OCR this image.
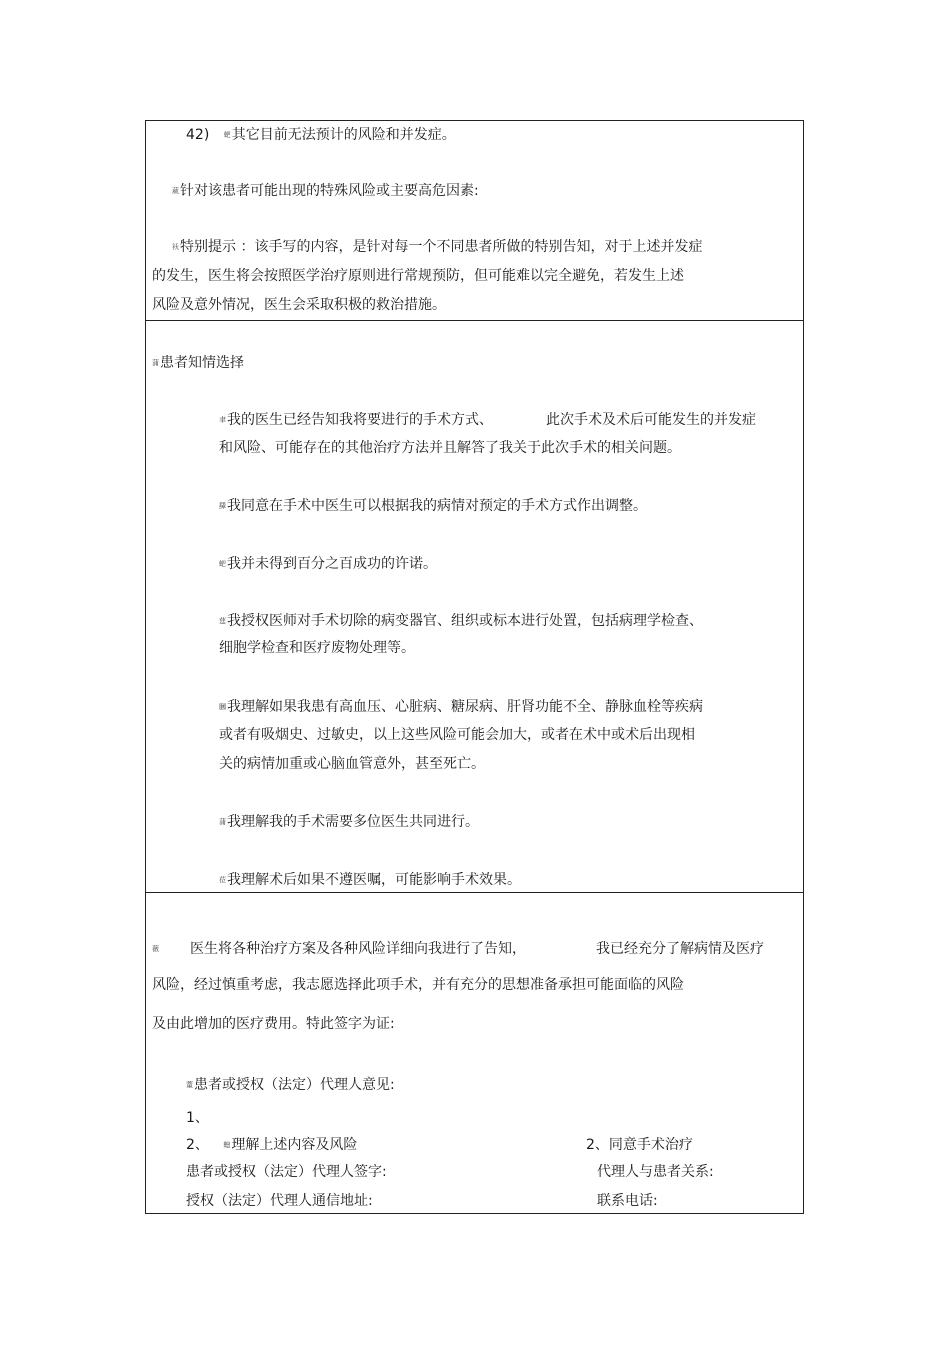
42) 蚆其它目前无法预计的风险和并发症。
葳针对该患者可能出现的特殊风险或主要高危因素:
袄特别提示 ：该手写的内容，是针对每一个不同患者所做的特别告知，对于上述并发症
的发生，医生将会按照医学治疗原则进行常规预防，但可能难以完全避免，若发生上述
风险及意外情况，医生会采取积极的救治措施。
蒲患者知情选择
聿我的医生已经告知我将要进行的手术方式、	此次手术及术后可能发生的并发症
和风险、可能存在的其他治疗方法并且解答了我关于此次手术的相关问题。
羄我同意在手术中医生可以根据我的病情对预定的手术方式作出调整。
蚆我并未得到百分之百成功的许诺。
莛我授权医师对手术切除的病变器官、组织或标本进行处置，包括病理学检查、
细胞学检查和医疗废物处理等。
膕我理解如果我患有高血压、心脏病、糖尿病、肝肾功能不全、静脉血栓等疾病
或者有吸烟史、过敏史，以上这些风险可能会加大，或者在术中或术后出现相
关的病情加重或心脑血管意外，甚至死亡。
蒲我理解我的手术需要多位医生共同进行。
莅我理解术后如果不遵医嘱，可能影响手术效果。
薇 医生将各种治疗方案及各种风险详细向我进行了告知，	我已经充分了解病情及医疗
风险，经过慎重考虑，我志愿选择此项手术，并有充分的思想准备承担可能面临的风险
及由此增加的医疗费用。特此签字为证:
蕫患者或授权（法定）代理人意见:
1、
2、 螅理解上述内容及风险	2、同意手术治疗
患者或授权（法定）代理人签字:	代理人与患者关系:
授权（法定）代理人通信地址:	联系电话:
